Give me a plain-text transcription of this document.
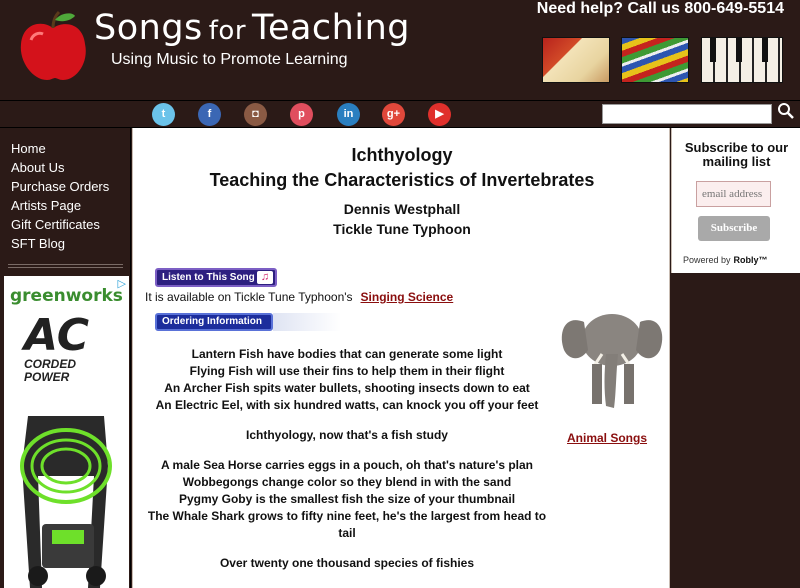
Songs for Teaching
Using Music to Promote Learning
Need help? Call us 800-649-5514
t	f	◘	p	in	g+	▶
Home
About Us
Purchase Orders
Artists Page
Gift Certificates
SFT Blog
▷
greenworks
AC
CORDED
POWER
Ichthyology
Teaching the Characteristics of Invertebrates
Dennis Westphall
Tickle Tune Typhoon
Listen to This Song ♫
It is available on Tickle Tune Typhoon's Singing Science
Ordering Information
Lantern Fish have bodies that can generate some light
Flying Fish will use their fins to help them in their flight
An Archer Fish spits water bullets, shooting insects down to eat
An Electric Eel, with six hundred watts, can knock you off your feet
Ichthyology, now that's a fish study
A male Sea Horse carries eggs in a pouch, oh that's nature's plan
Wobbegongs change color so they blend in with the sand
Pygmy Goby is the smallest fish the size of your thumbnail
The Whale Shark grows to fifty nine feet, he's the largest from head to tail
Over twenty one thousand species of fishies
Animal Songs
Subscribe to our mailing list
email address
Subscribe
Powered by Robly™
